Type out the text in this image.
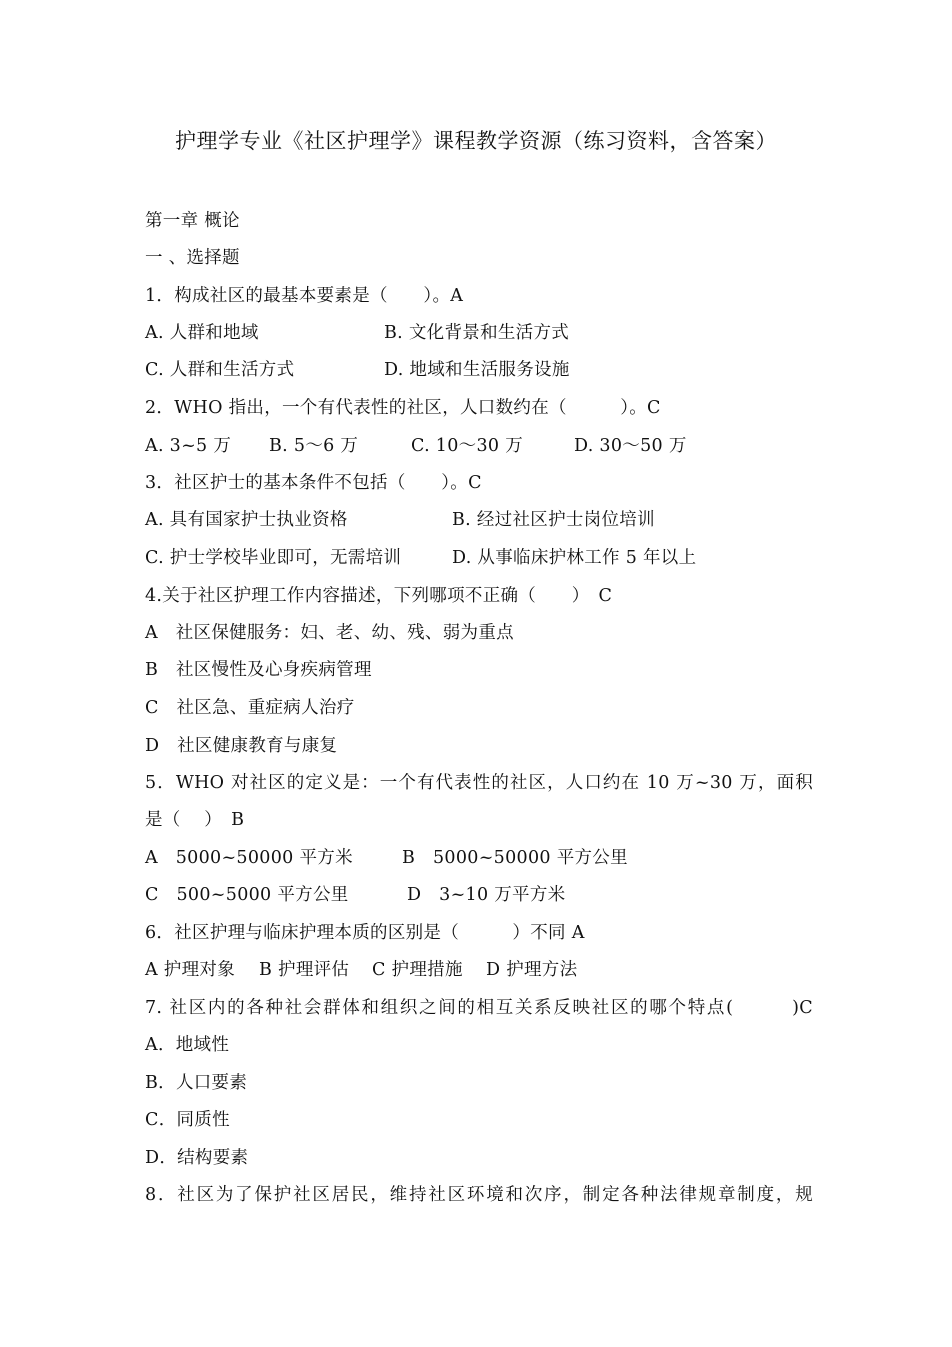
护理学专业《社区护理学》课程教学资源（练习资料，含答案）
第一章 概论
一 、选择题
1．构成社区的最基本要素是（　　）。A

A. 人群和地域

	B. 文化背景和生活方式

C. 人群和生活方式

	D. 地域和生活服务设施

2．WHO 指出，一个有代表性的社区，人口数约在（　　　）。C

A. 3~5 万

B. 5～6 万

	C. 10～30 万

	D. 30～50 万

3．社区护士的基本条件不包括（　　）。C

A. 具有国家护士执业资格

	B. 经过社区护士岗位培训

C. 护士学校毕业即可，无需培训

	D. 从事临床护林工作 5 年以上

4.关于社区护理工作内容描述，下列哪项不正确（　　）　C
A　社区保健服务：妇、老、幼、残、弱为重点
B　社区慢性及心身疾病管理
C　社区急、重症病人治疗
D　社区健康教育与康复
5．WHO 对社区的定义是：一个有代表性的社区，人口约在 10 万~30 万，面积
是（　 ）　B

A　5000~50000 平方米

	B　5000~50000 平方公里

C　500~5000 平方公里

	D　3~10 万平方米

6．社区护理与临床护理本质的区别是（　　　）不同 A

A 护理对象

B 护理评估

C 护理措施

D 护理方法

7. 社区内的各种社会群体和组织之间的相互关系反映社区的哪个特点(　　　)C
A．地域性
B．人口要素
C．同质性
D．结构要素
8．社区为了保护社区居民，维持社区环境和次序，制定各种法律规章制度，规
